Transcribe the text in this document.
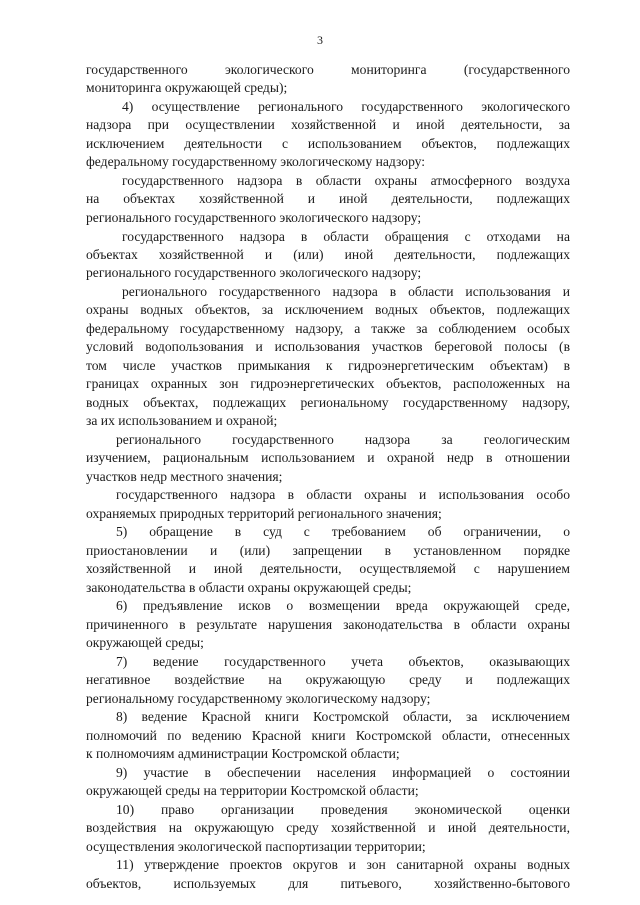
3
государственного экологического мониторинга (государственного
мониторинга окружающей среды);
4) осуществление регионального государственного экологического
надзора при осуществлении хозяйственной и иной деятельности, за
исключением деятельности с использованием объектов, подлежащих
федеральному государственному экологическому надзору:
государственного надзора в области охраны атмосферного воздуха
на объектах хозяйственной и иной деятельности, подлежащих
регионального государственного экологического надзору;
государственного надзора в области обращения с отходами на
объектах хозяйственной и (или) иной деятельности, подлежащих
регионального государственного экологического надзору;
регионального государственного надзора в области использования и
охраны водных объектов, за исключением водных объектов, подлежащих
федеральному государственному надзору, а также за соблюдением особых
условий водопользования и использования участков береговой полосы (в
том числе участков примыкания к гидроэнергетическим объектам) в
границах охранных зон гидроэнергетических объектов, расположенных на
водных объектах, подлежащих региональному государственному надзору,
за их использованием и охраной;
регионального государственного надзора за геологическим
изучением, рациональным использованием и охраной недр в отношении
участков недр местного значения;
государственного надзора в области охраны и использования особо
охраняемых природных территорий регионального значения;
5) обращение в суд с требованием об ограничении, о
приостановлении и (или) запрещении в установленном порядке
хозяйственной и иной деятельности, осуществляемой с нарушением
законодательства в области охраны окружающей среды;
6) предъявление исков о возмещении вреда окружающей среде,
причиненного в результате нарушения законодательства в области охраны
окружающей среды;
7) ведение государственного учета объектов, оказывающих
негативное воздействие на окружающую среду и подлежащих
региональному государственному экологическому надзору;
8) ведение Красной книги Костромской области, за исключением
полномочий по ведению Красной книги Костромской области, отнесенных
к полномочиям администрации Костромской области;
9) участие в обеспечении населения информацией о состоянии
окружающей среды на территории Костромской области;
10) право организации проведения экономической оценки
воздействия на окружающую среду хозяйственной и иной деятельности,
осуществления экологической паспортизации территории;
11) утверждение проектов округов и зон санитарной охраны водных
объектов, используемых для питьевого, хозяйственно-бытового
